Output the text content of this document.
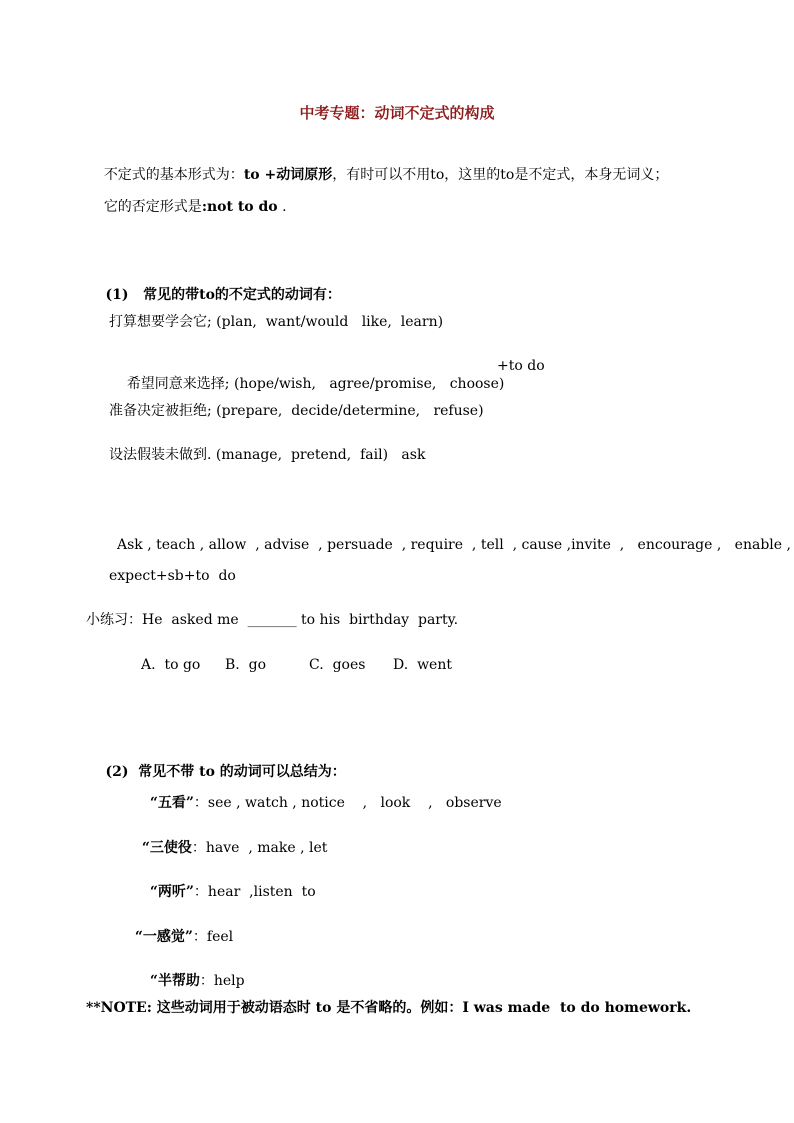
中考专题：动词不定式的构成

不定式的基本形式为：to +动词原形，有时可以不用to，这里的to是不定式，本身无词义；

它的否定形式是:not to do .

(1) 常见的带to的不定式的动词有：

打算想要学会它; (plan,  want/would   like,  learn)

希望同意来选择; (hope/wish,   agree/promise,   choose)

+to do
准备决定被拒绝; (prepare,  decide/determine,   refuse)
设法假装未做到. (manage,  pretend,  fail)   ask
Ask , teach , allow  , advise  , persuade  , require  , tell  , cause ,invite  ,   encourage ,   enable ,
expect+sb+to  do
小练习：He  asked me  _______ to his  birthday  party.
A.  to go B.  go	C.  goes D.  went

(2) 常见不带 to 的动词可以总结为：

“五看”：see , watch , notice    ,   look    ,   observe

“三使役：have  , make , let

“两听”：hear  ,listen  to

“一感觉”：feel

“半帮助：help

**NOTE: 这些动词用于被动语态时 to 是不省略的。例如：I was made  to do homework.
